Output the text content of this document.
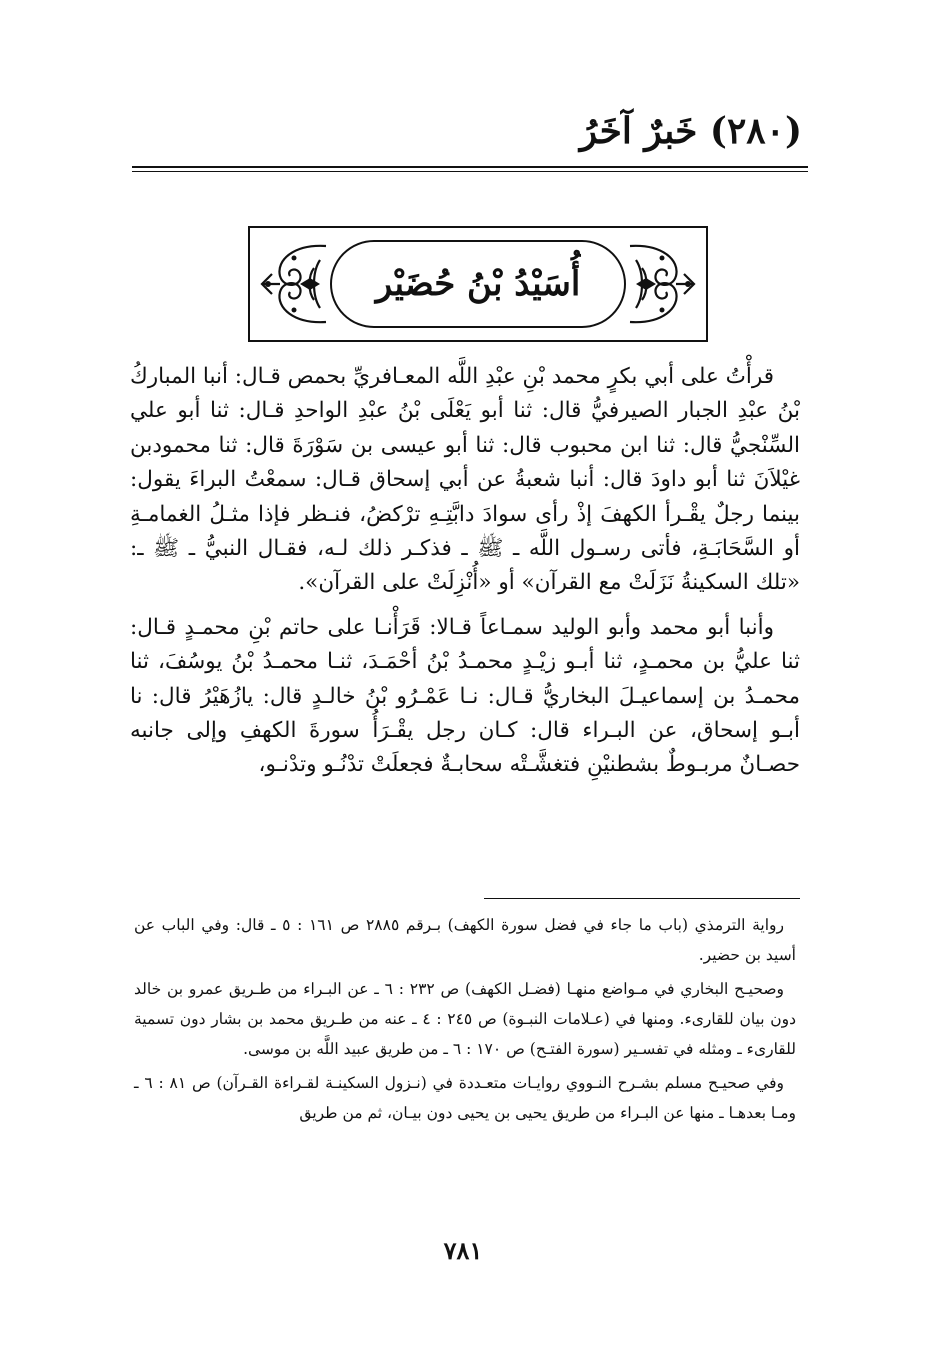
(٢٨٠) خَبرٌ آخَرُ
أُسَيْدُ بْنُ حُضَيْر

قرأْتُ على أبي بكرٍ محمد بْنِ عبْدِ اللَّه المعـافريِّ بحمص قـال: أنبا المباركُ بْنُ عبْدِ الجبار الصيرفيُّ قال: ثنا أبو يَعْلَى بْنُ عبْدِ الواحدِ قـال: ثنا أبو علي السِّنْجيُّ قال: ثنا ابن محبوب قال: ثنا أبو عيسى بن سَوْرَةَ قال: ثنا محمودبن غيْلاَنَ ثنا أبو داودَ قال: أنبا شعبةُ عن أبي إسحاق قـال: سمعْتُ البراءَ يقول: بينما رجلٌ يقْـرأ الكهفَ إذْ رأى سوادَ دابَّتِـهِ ترْكضُ، فنـظر فإذا مثـلُ الغمامـةِ أو السَّحَابَـةِ، فأتى رسـول اللَّه ـ ﷺ ـ فذكـر ذلك لـه، فقـال النبيُّ ـ ﷺ ـ: «تلك السكينةُ نَزَلَتْ مع القرآن» أو «أُنْزِلَتْ على القرآن».

وأنبا أبو محمد وأبو الوليد سمـاعاً قـالا: قَرَأْنـا على حاتم بْنِ محمـدٍ قـال: ثنا عليُّ بن محمـدٍ، ثنا أبـو زيْـدٍ محمـدُ بْنُ أحْمَـدَ، ثنـا محمـدُ بْنُ يوسُفَ، ثنا محمـدُ بن إسماعيـلَ البخاريُّ قـال: نـا عَمْـرُو بْنُ خالـدٍ قال: يازُهَيْرُ قال: نا أبـو إسحاق، عن البـراء قال: كـان رجل يقْـرَأُ سورةَ الكهفِ وإلى جانبه حصـانٌ مربـوطٌ بشطنيْنِ فتغشَّـتْه سحابـةٌ فجعلَتْ تدْنُـو وتدْنـو،

رواية الترمذي (باب ما جاء في فضل سورة الكهف) بـرقم ٢٨٨٥ ص ١٦١ : ٥ ـ قال: وفي الباب عن أسيد بن حضير.

وصحيـح البخاري في مـواضع منهـا (فضـل الكهف) ص ٢٣٢ : ٦ ـ عن البـراء من طـريق عمرو بن خالد دون بيان للقارىء. ومنها في (عـلامات النبـوة) ص ٢٤٥ : ٤ ـ عنه من طـريق محمد بن بشار دون تسمية للقارىء ـ ومثله في تفسـير (سورة الفتـح) ص ١٧٠ : ٦ ـ من طريق عبيد اللَّه بن موسى.

وفي صحيـح مسلم بشـرح النـووي روايـات متعـددة في (نـزول السكينـة لقـراءة القـرآن) ص ٨١ : ٦ ـ ومـا بعدهـا ـ منها عن البـراء من طريق يحيى بن يحيى دون بيـان، ثم من طريق

٧٨١
